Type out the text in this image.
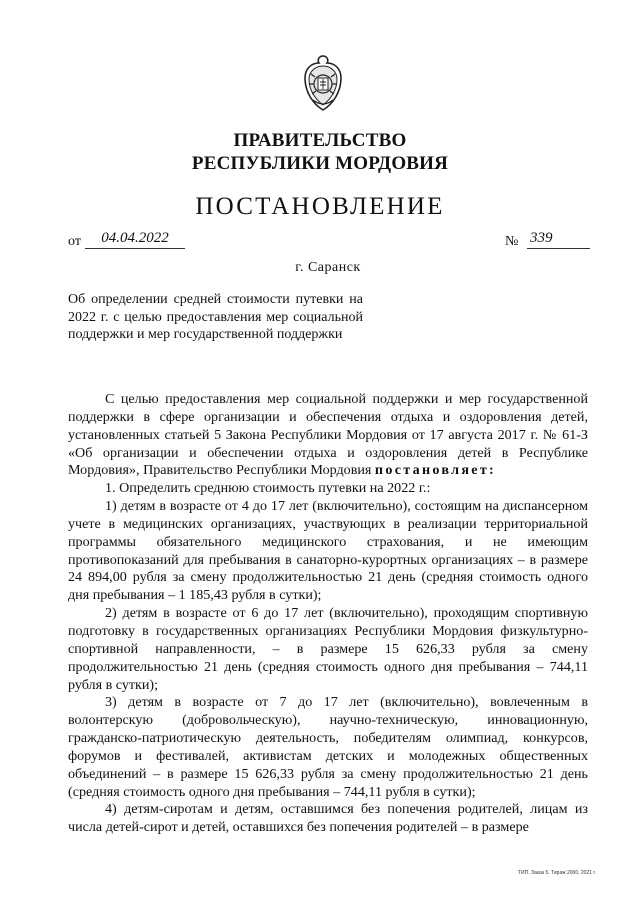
ПРАВИТЕЛЬСТВО
РЕСПУБЛИКИ МОРДОВИЯ
ПОСТАНОВЛЕНИЕ
от	04.04.2022	№ 339
г. Саранск
Об определении средней стоимости путевки на 2022 г. с целью предоставления мер социальной поддержки и мер государственной поддержки

С целью предоставления мер социальной поддержки и мер государственной поддержки в сфере организации и обеспечения отдыха и оздоровления детей, установленных статьей 5 Закона Республики Мордовия от 17 августа 2017 г. № 61-З «Об организации и обеспечении отдыха и оздоровления детей в Республике Мордовия», Правительство Республики Мордовия постановляет:

1. Определить среднюю стоимость путевки на 2022 г.:

1) детям в возрасте от 4 до 17 лет (включительно), состоящим на диспансерном учете в медицинских организациях, участвующих в реализации территориальной программы обязательного медицинского страхования, и не имеющим противопоказаний для пребывания в санаторно-курортных организациях – в размере 24 894,00 рубля за смену продолжительностью 21 день (средняя стоимость одного дня пребывания – 1 185,43 рубля в сутки);

2) детям в возрасте от 6 до 17 лет (включительно), проходящим спортивную подготовку в государственных организациях Республики Мордовия физкультурно-спортивной направленности, – в размере 15 626,33 рубля за смену продолжительностью 21 день (средняя стоимость одного дня пребывания – 744,11 рубля в сутки);

3) детям в возрасте от 7 до 17 лет (включительно), вовлеченным в волонтерскую (добровольческую), научно-техническую, инновационную, гражданско-патриотическую деятельность, победителям олимпиад, конкурсов, форумов и фестивалей, активистам детских и молодежных общественных объединений – в размере 15 626,33 рубля за смену продолжительностью 21 день (средняя стоимость одного дня пребывания – 744,11 рубля в сутки);

4) детям-сиротам и детям, оставшимся без попечения родителей, лицам из числа детей-сирот и детей, оставшихся без попечения родителей – в размере

ТИП. Заказ 5. Тираж 2000. 2021 г.
